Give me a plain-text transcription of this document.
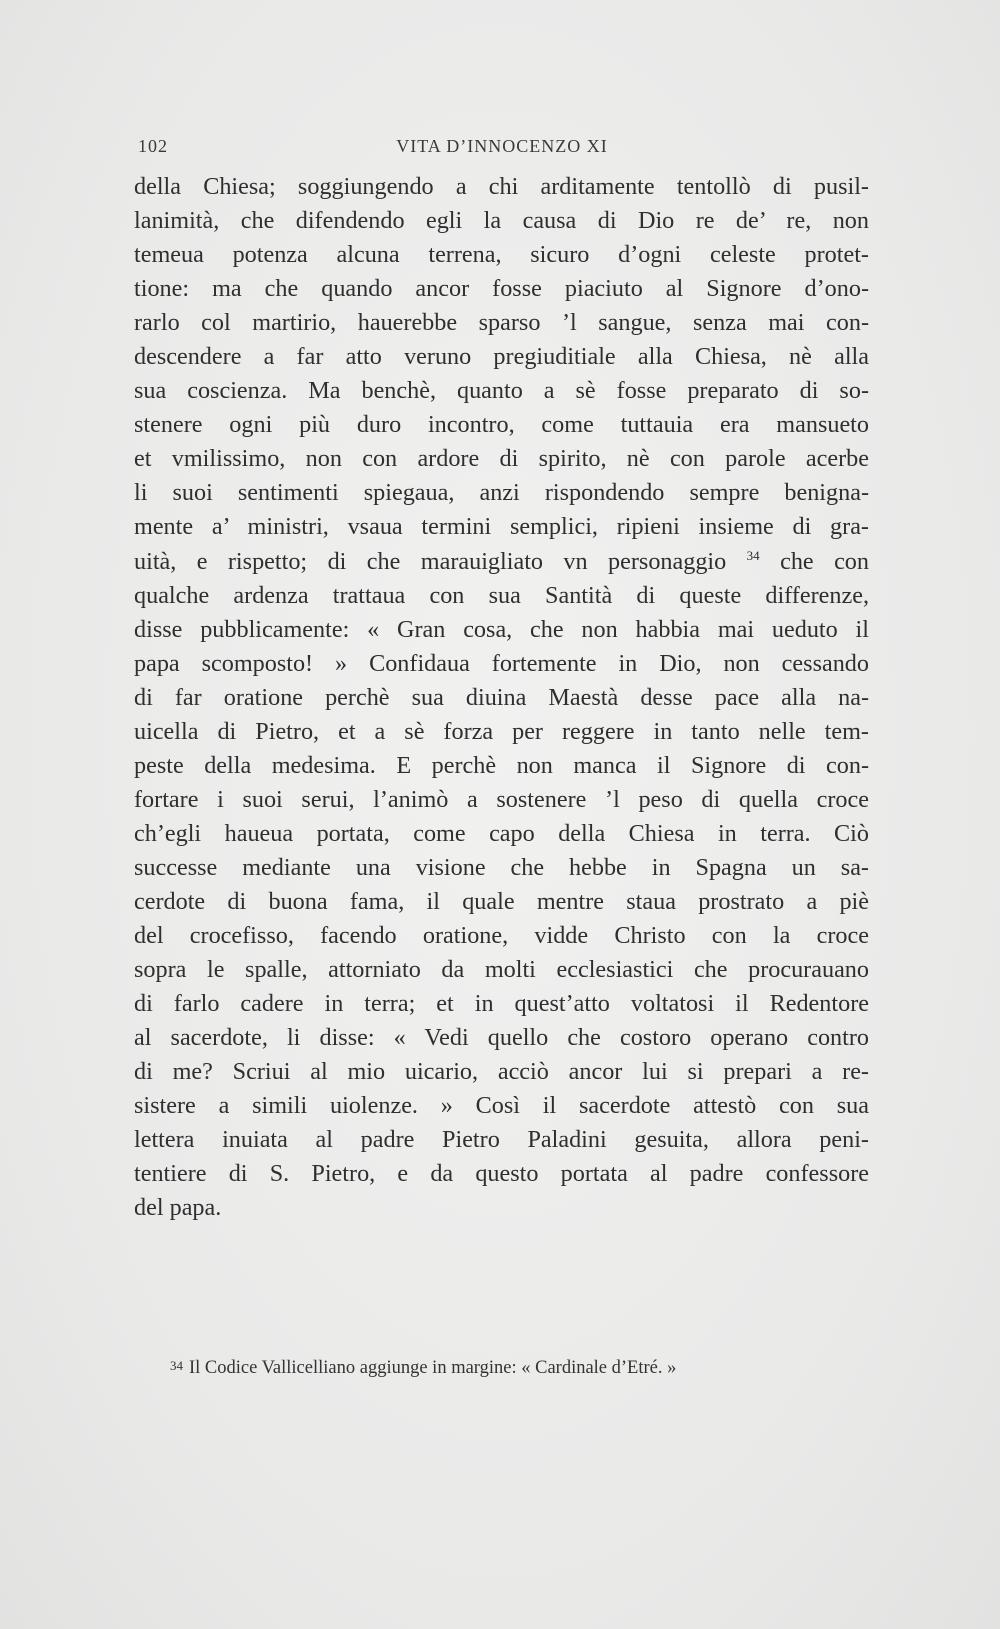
102	VITA D’INNOCENZO XI
della Chiesa; soggiungendo a chi arditamente tentollò di pusil-
lanimità, che difendendo egli la causa di Dio re de’ re, non
temeua potenza alcuna terrena, sicuro d’ogni celeste protet-
tione: ma che quando ancor fosse piaciuto al Signore d’ono-
rarlo col martirio, hauerebbe sparso ’l sangue, senza mai con-
descendere a far atto veruno pregiuditiale alla Chiesa, nè alla
sua coscienza. Ma benchè, quanto a sè fosse preparato di so-
stenere ogni più duro incontro, come tuttauia era mansueto
et vmilissimo, non con ardore di spirito, nè con parole acerbe
li suoi sentimenti spiegaua, anzi rispondendo sempre benigna-
mente a’ ministri, vsaua termini semplici, ripieni insieme di gra-
uità, e rispetto; di che marauigliato vn personaggio $^{34}$ che con
qualche ardenza trattaua con sua Santità di queste differenze,
disse pubblicamente: « Gran cosa, che non habbia mai ueduto il
papa scomposto! » Confidaua fortemente in Dio, non cessando
di far oratione perchè sua diuina Maestà desse pace alla na-
uicella di Pietro, et a sè forza per reggere in tanto nelle tem-
peste della medesima. E perchè non manca il Signore di con-
fortare i suoi serui, l’animò a sostenere ’l peso di quella croce
ch’egli haueua portata, come capo della Chiesa in terra. Ciò
successe mediante una visione che hebbe in Spagna un sa-
cerdote di buona fama, il quale mentre staua prostrato a piè
del crocefisso, facendo oratione, vidde Christo con la croce
sopra le spalle, attorniato da molti ecclesiastici che procurauano
di farlo cadere in terra; et in quest’atto voltatosi il Redentore
al sacerdote, li disse: « Vedi quello che costoro operano contro
di me? Scriui al mio uicario, acciò ancor lui si prepari a re-
sistere a simili uiolenze. » Così il sacerdote attestò con sua
lettera inuiata al padre Pietro Paladini gesuita, allora peni-
tentiere di S. Pietro, e da questo portata al padre confessore
del papa.
34 Il Codice Vallicelliano aggiunge in margine: « Cardinale d’Etré. »
